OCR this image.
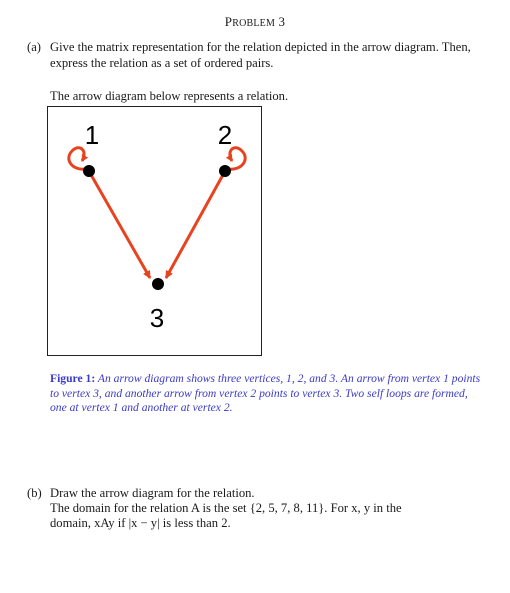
PROBLEM 3
(a) Give the matrix representation for the relation depicted in the arrow diagram. Then, express the relation as a set of ordered pairs.
The arrow diagram below represents a relation.
1	2
3
Figure 1: An arrow diagram shows three vertices, 1, 2, and 3. An arrow from vertex 1 points to vertex 3, and another arrow from vertex 2 points to vertex 3. Two self loops are formed, one at vertex 1 and another at vertex 2.
(b) Draw the arrow diagram for the relation.
The domain for the relation A is the set {2, 5, 7, 8, 11}. For x, y in the
domain, xAy if |x − y| is less than 2.
